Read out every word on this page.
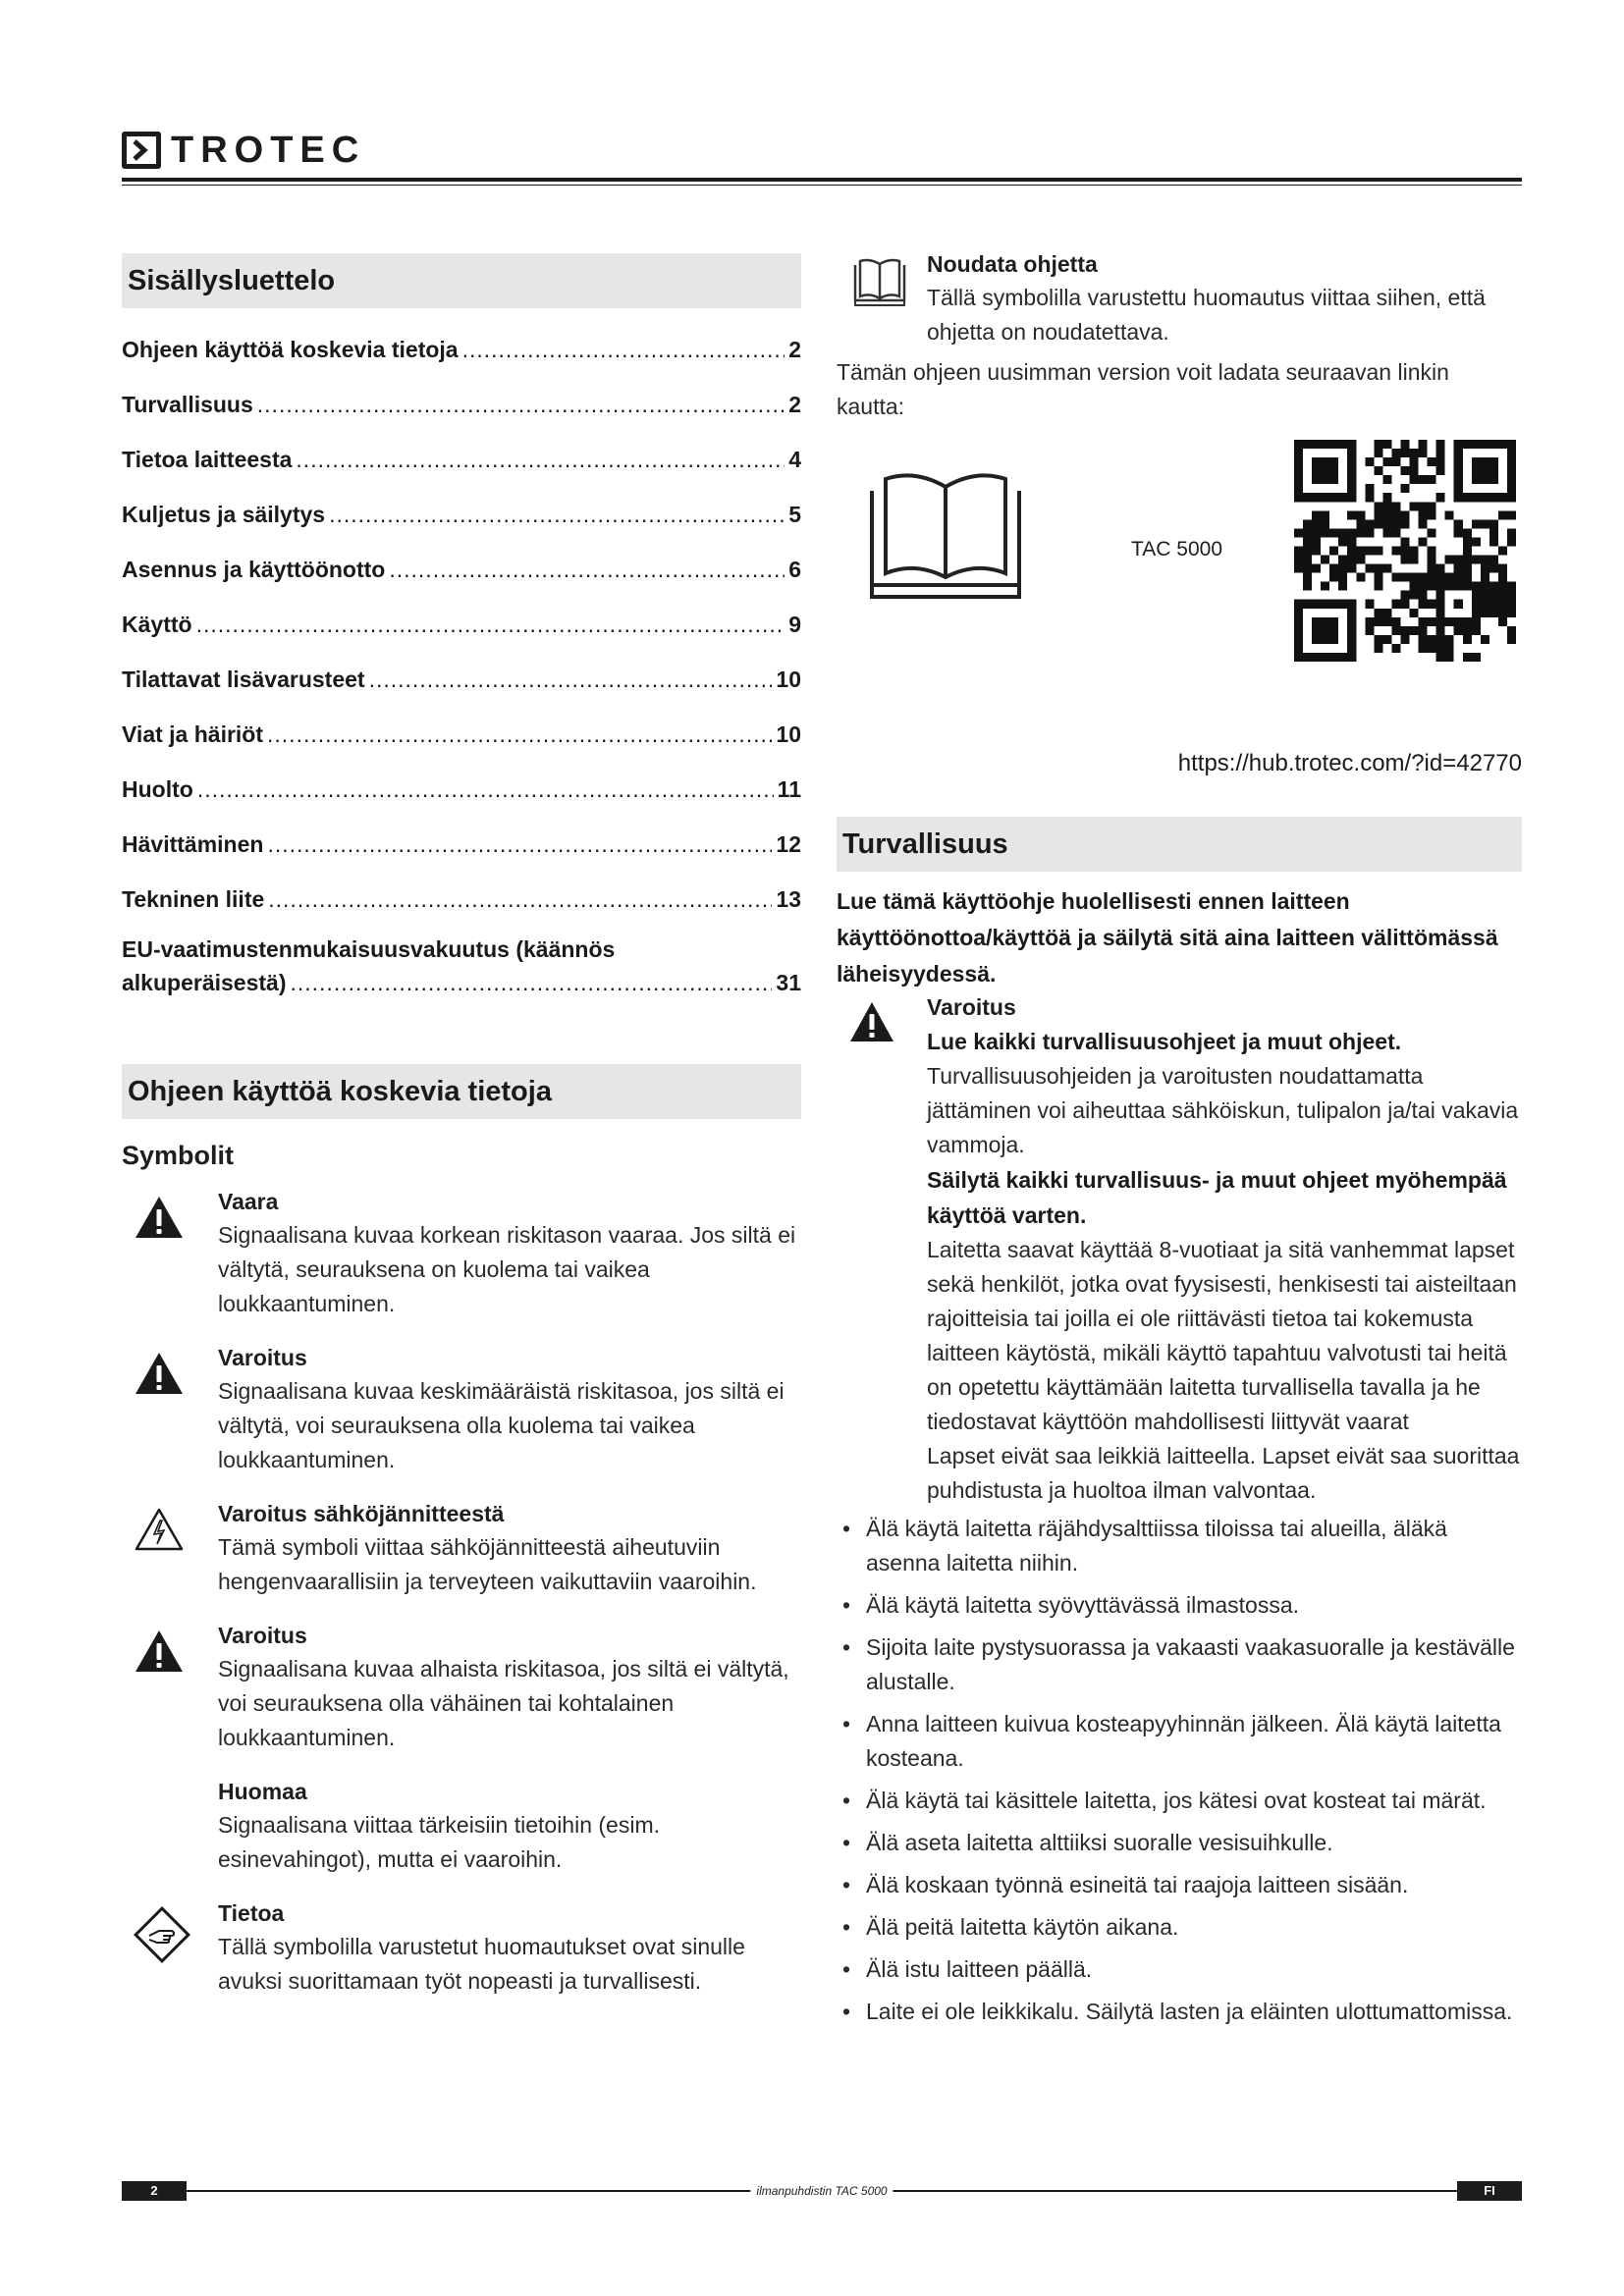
TROTEC
Sisällysluettelo
Ohjeen käyttöä koskevia tietoja .....	2
Turvallisuus .....	2
Tietoa laitteesta .....	4
Kuljetus ja säilytys .....	5
Asennus ja käyttöönotto .....	6
Käyttö .....	9
Tilattavat lisävarusteet .....	10
Viat ja häiriöt .....	10
Huolto .....	11
Hävittäminen .....	12
Tekninen liite .....	13
EU-vaatimustenmukaisuusvakuutus (käännös
alkuperäisestä) .....	31
Ohjeen käyttöä koskevia tietoja
Symbolit
Vaara
Signaalisana kuvaa korkean riskitason vaaraa. Jos siltä ei vältytä, seurauksena on kuolema tai vaikea loukkaantuminen.
Varoitus
Signaalisana kuvaa keskimääräistä riskitasoa, jos siltä ei vältytä, voi seurauksena olla kuolema tai vaikea loukkaantuminen.
Varoitus sähköjännitteestä
Tämä symboli viittaa sähköjännitteestä aiheutuviin hengenvaarallisiin ja terveyteen vaikuttaviin vaaroihin.
Varoitus
Signaalisana kuvaa alhaista riskitasoa, jos siltä ei vältytä, voi seurauksena olla vähäinen tai kohtalainen loukkaantuminen.
Huomaa
Signaalisana viittaa tärkeisiin tietoihin (esim. esinevahingot), mutta ei vaaroihin.
Tietoa
Tällä symbolilla varustetut huomautukset ovat sinulle avuksi suorittamaan työt nopeasti ja turvallisesti.
Noudata ohjetta
Tällä symbolilla varustettu huomautus viittaa siihen, että ohjetta on noudatettava.
Tämän ohjeen uusimman version voit ladata seuraavan linkin kautta:
TAC 5000
https://hub.trotec.com/?id=42770
Turvallisuus
Lue tämä käyttöohje huolellisesti ennen laitteen käyttöönottoa/käyttöä ja säilytä sitä aina laitteen välittömässä läheisyydessä.
Varoitus
Lue kaikki turvallisuusohjeet ja muut ohjeet.
Turvallisuusohjeiden ja varoitusten noudattamatta jättäminen voi aiheuttaa sähköiskun, tulipalon ja/tai vakavia vammoja.
Säilytä kaikki turvallisuus- ja muut ohjeet myöhempää käyttöä varten.
Laitetta saavat käyttää 8-vuotiaat ja sitä vanhemmat lapset sekä henkilöt, jotka ovat fyysisesti, henkisesti tai aisteiltaan rajoitteisia tai joilla ei ole riittävästi tietoa tai kokemusta laitteen käytöstä, mikäli käyttö tapahtuu valvotusti tai heitä on opetettu käyttämään laitetta turvallisella tavalla ja he tiedostavat käyttöön mahdollisesti liittyvät vaarat
Lapset eivät saa leikkiä laitteella. Lapset eivät saa suorittaa puhdistusta ja huoltoa ilman valvontaa.
• Älä käytä laitetta räjähdysalttiissa tiloissa tai alueilla, äläkä asenna laitetta niihin.
• Älä käytä laitetta syövyttävässä ilmastossa.
• Sijoita laite pystysuorassa ja vakaasti vaakasuoralle ja kestävälle alustalle.
• Anna laitteen kuivua kosteapyyhinnän jälkeen. Älä käytä laitetta kosteana.
• Älä käytä tai käsittele laitetta, jos kätesi ovat kosteat tai märät.
• Älä aseta laitetta alttiiksi suoralle vesisuihkulle.
• Älä koskaan työnnä esineitä tai raajoja laitteen sisään.
• Älä peitä laitetta käytön aikana.
• Älä istu laitteen päällä.
• Laite ei ole leikkikalu. Säilytä lasten ja eläinten ulottumattomissa.
2	ilmanpuhdistin TAC 5000	FI
